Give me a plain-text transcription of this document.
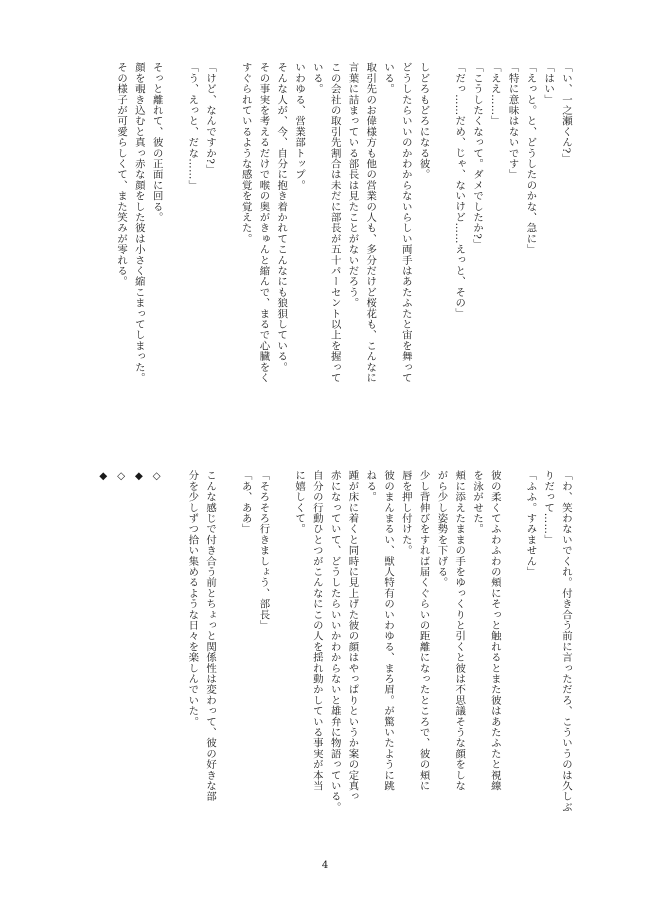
「い、一之瀬くん?」
「はい」
「えっと。と、どうしたのかな、急に」
「特に意味はないです」
「ええ……」
「こうしたくなって。ダメでしたか?」
「だっ……だめ、じゃ、ないけど……えっと、その」
しどろもどろになる彼。
どうしたらいいのかわからないらしい両手はあたふたと宙を舞って
いる。
取引先のお偉様方も他の営業の人も、多分だけど桜花も、こんなに
言葉に詰まっている部長は見たことがないだろう。
この会社の取引先割合は未だに部長が五十パーセント以上を握って
いる。
いわゆる、営業部トップ。
そんな人が、今、自分に抱き着かれてこんなにも狼狽している。
その事実を考えるだけで喉の奥がきゅんと縮んで、まるで心臓をく
すぐられているような感覚を覚えた。
「けど、なんですか?」
「う、えっと、だな……」
そっと離れて、彼の正面に回る。
顔を覗き込むと真っ赤な顔をした彼は小さく縮こまってしまった。
その様子が可愛らしくて、また笑みが零れる。
「わ、笑わないでくれ。付き合う前に言っただろ、こういうのは久しぶ
りだって……」
「ふふ。すみません」
彼の柔くてふわふわの頬にそっと触れるとまた彼はあたふたと視線
を泳がせた。
頬に添えたままの手をゆっくりと引くと彼は不思議そうな顔をしな
がら少し姿勢を下げる。
少し背伸びをすれば届くぐらいの距離になったところで、彼の頬に
唇を押し付けた。
彼のまんまるい、獣人特有のいわゆる、まろ眉。が驚いたように跳
ねる。
踵が床に着くと同時に見上げた彼の顔はやっぱりというか案の定真っ
赤になっていて、どうしたらいいかわからないと雄弁に物語っている。
自分の行動ひとつがこんなにこの人を揺れ動かしている事実が本当
に嬉しくて。
「そろそろ行きましょう、部長」
「あ、ああ」
こんな感じで付き合う前とちょっと関係性は変わって、彼の好きな部
分を少しずつ拾い集めるような日々を楽しんでいた。
◇
◆
◇
◆
4
